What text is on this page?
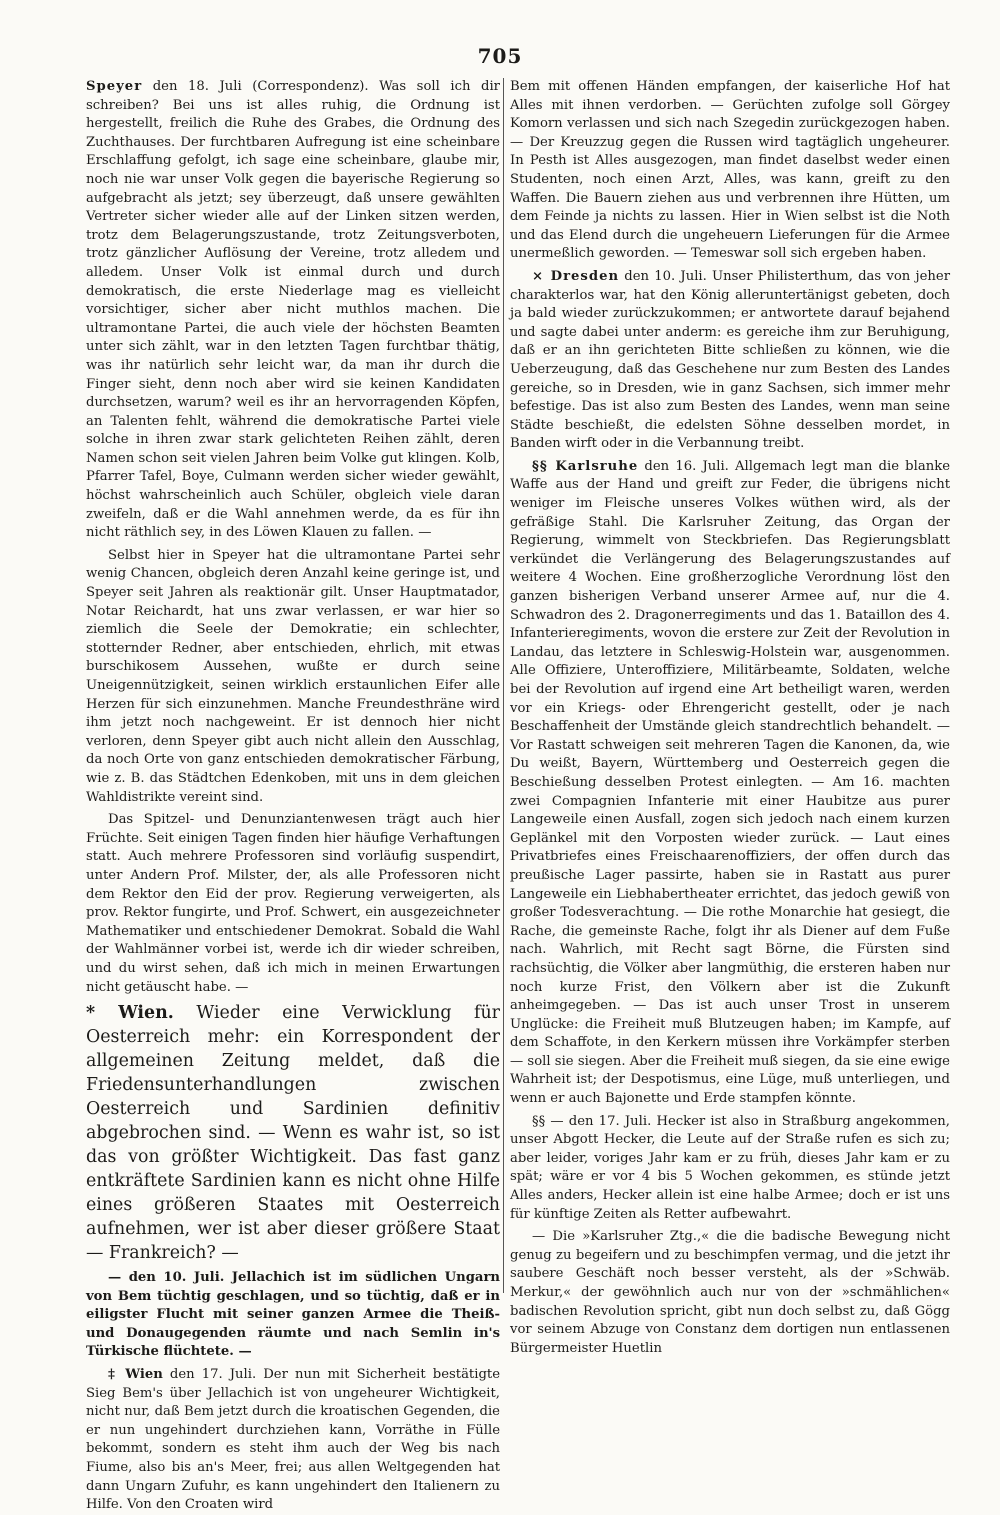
705

Speyer den 18. Juli (Correspondenz). Was soll ich dir schreiben? Bei uns ist alles ruhig, die Ordnung ist hergestellt, freilich die Ruhe des Grabes, die Ordnung des Zuchthauses. Der furchtbaren Aufregung ist eine scheinbare Erschlaffung gefolgt, ich sage eine scheinbare, glaube mir, noch nie war unser Volk gegen die bayerische Regierung so aufgebracht als jetzt; sey überzeugt, daß unsere gewählten Vertreter sicher wieder alle auf der Linken sitzen werden, trotz dem Belagerungszustande, trotz Zeitungsverboten, trotz gänzlicher Auflösung der Vereine, trotz alledem und alledem. Unser Volk ist einmal durch und durch demokratisch, die erste Niederlage mag es vielleicht vorsichtiger, sicher aber nicht muthlos machen. Die ultramontane Partei, die auch viele der höchsten Beamten unter sich zählt, war in den letzten Tagen furchtbar thätig, was ihr natürlich sehr leicht war, da man ihr durch die Finger sieht, denn noch aber wird sie keinen Kandidaten durchsetzen, warum? weil es ihr an hervorragenden Köpfen, an Talenten fehlt, während die demokratische Partei viele solche in ihren zwar stark gelichteten Reihen zählt, deren Namen schon seit vielen Jahren beim Volke gut klingen. Kolb, Pfarrer Tafel, Boye, Culmann werden sicher wieder gewählt, höchst wahrscheinlich auch Schüler, obgleich viele daran zweifeln, daß er die Wahl annehmen werde, da es für ihn nicht räthlich sey, in des Löwen Klauen zu fallen. —

Selbst hier in Speyer hat die ultramontane Partei sehr wenig Chancen, obgleich deren Anzahl keine geringe ist, und Speyer seit Jahren als reaktionär gilt. Unser Hauptmatador, Notar Reichardt, hat uns zwar verlassen, er war hier so ziemlich die Seele der Demokratie; ein schlechter, stotternder Redner, aber entschieden, ehrlich, mit etwas burschikosem Aussehen, wußte er durch seine Uneigennützigkeit, seinen wirklich erstaunlichen Eifer alle Herzen für sich einzunehmen. Manche Freundesthräne wird ihm jetzt noch nachgeweint. Er ist dennoch hier nicht verloren, denn Speyer gibt auch nicht allein den Ausschlag, da noch Orte von ganz entschieden demokratischer Färbung, wie z. B. das Städtchen Edenkoben, mit uns in dem gleichen Wahldistrikte vereint sind.

Das Spitzel- und Denunziantenwesen trägt auch hier Früchte. Seit einigen Tagen finden hier häufige Verhaftungen statt. Auch mehrere Professoren sind vorläufig suspendirt, unter Andern Prof. Milster, der, als alle Professoren nicht dem Rektor den Eid der prov. Regierung verweigerten, als prov. Rektor fungirte, und Prof. Schwert, ein ausgezeichneter Mathematiker und entschiedener Demokrat. Sobald die Wahl der Wahlmänner vorbei ist, werde ich dir wieder schreiben, und du wirst sehen, daß ich mich in meinen Erwartungen nicht getäuscht habe. —

* Wien. Wieder eine Verwicklung für Oesterreich mehr: ein Korrespondent der allgemeinen Zeitung meldet, daß die Friedensunterhandlungen zwischen Oesterreich und Sardinien definitiv abgebrochen sind. — Wenn es wahr ist, so ist das von größter Wichtigkeit. Das fast ganz entkräftete Sardinien kann es nicht ohne Hilfe eines größeren Staates mit Oesterreich aufnehmen, wer ist aber dieser größere Staat — Frankreich? —

— den 10. Juli. Jellachich ist im südlichen Ungarn von Bem tüchtig geschlagen, und so tüchtig, daß er in eiligster Flucht mit seiner ganzen Armee die Theiß- und Donaugegenden räumte und nach Semlin in's Türkische flüchtete. —

‡ Wien den 17. Juli. Der nun mit Sicherheit bestätigte Sieg Bem's über Jellachich ist von ungeheurer Wichtigkeit, nicht nur, daß Bem jetzt durch die kroatischen Gegenden, die er nun ungehindert durchziehen kann, Vorräthe in Fülle bekommt, sondern es steht ihm auch der Weg bis nach Fiume, also bis an's Meer, frei; aus allen Weltgegenden hat dann Ungarn Zufuhr, es kann ungehindert den Italienern zu Hilfe. Von den Croaten wird

Bem mit offenen Händen empfangen, der kaiserliche Hof hat Alles mit ihnen verdorben. — Gerüchten zufolge soll Görgey Komorn verlassen und sich nach Szegedin zurückgezogen haben. — Der Kreuzzug gegen die Russen wird tagtäglich ungeheurer. In Pesth ist Alles ausgezogen, man findet daselbst weder einen Studenten, noch einen Arzt, Alles, was kann, greift zu den Waffen. Die Bauern ziehen aus und verbrennen ihre Hütten, um dem Feinde ja nichts zu lassen. Hier in Wien selbst ist die Noth und das Elend durch die ungeheuern Lieferungen für die Armee unermeßlich geworden. — Temeswar soll sich ergeben haben.

× Dresden den 10. Juli. Unser Philisterthum, das von jeher charakterlos war, hat den König alleruntertänigst gebeten, doch ja bald wieder zurückzukommen; er antwortete darauf bejahend und sagte dabei unter anderm: es gereiche ihm zur Beruhigung, daß er an ihn gerichteten Bitte schließen zu können, wie die Ueberzeugung, daß das Geschehene nur zum Besten des Landes gereiche, so in Dresden, wie in ganz Sachsen, sich immer mehr befestige. Das ist also zum Besten des Landes, wenn man seine Städte beschießt, die edelsten Söhne desselben mordet, in Banden wirft oder in die Verbannung treibt.

§§ Karlsruhe den 16. Juli. Allgemach legt man die blanke Waffe aus der Hand und greift zur Feder, die übrigens nicht weniger im Fleische unseres Volkes wüthen wird, als der gefräßige Stahl. Die Karlsruher Zeitung, das Organ der Regierung, wimmelt von Steckbriefen. Das Regierungsblatt verkündet die Verlängerung des Belagerungszustandes auf weitere 4 Wochen. Eine großherzogliche Verordnung löst den ganzen bisherigen Verband unserer Armee auf, nur die 4. Schwadron des 2. Dragonerregiments und das 1. Bataillon des 4. Infanterieregiments, wovon die erstere zur Zeit der Revolution in Landau, das letztere in Schleswig-Holstein war, ausgenommen. Alle Offiziere, Unteroffiziere, Militärbeamte, Soldaten, welche bei der Revolution auf irgend eine Art betheiligt waren, werden vor ein Kriegs- oder Ehrengericht gestellt, oder je nach Beschaffenheit der Umstände gleich standrechtlich behandelt. — Vor Rastatt schweigen seit mehreren Tagen die Kanonen, da, wie Du weißt, Bayern, Württemberg und Oesterreich gegen die Beschießung desselben Protest einlegten. — Am 16. machten zwei Compagnien Infanterie mit einer Haubitze aus purer Langeweile einen Ausfall, zogen sich jedoch nach einem kurzen Geplänkel mit den Vorposten wieder zurück. — Laut eines Privatbriefes eines Freischaarenoffiziers, der offen durch das preußische Lager passirte, haben sie in Rastatt aus purer Langeweile ein Liebhabertheater errichtet, das jedoch gewiß von großer Todesverachtung. — Die rothe Monarchie hat gesiegt, die Rache, die gemeinste Rache, folgt ihr als Diener auf dem Fuße nach. Wahrlich, mit Recht sagt Börne, die Fürsten sind rachsüchtig, die Völker aber langmüthig, die ersteren haben nur noch kurze Frist, den Völkern aber ist die Zukunft anheimgegeben. — Das ist auch unser Trost in unserem Unglücke: die Freiheit muß Blutzeugen haben; im Kampfe, auf dem Schaffote, in den Kerkern müssen ihre Vorkämpfer sterben — soll sie siegen. Aber die Freiheit muß siegen, da sie eine ewige Wahrheit ist; der Despotismus, eine Lüge, muß unterliegen, und wenn er auch Bajonette und Erde stampfen könnte.

§§ — den 17. Juli. Hecker ist also in Straßburg angekommen, unser Abgott Hecker, die Leute auf der Straße rufen es sich zu; aber leider, voriges Jahr kam er zu früh, dieses Jahr kam er zu spät; wäre er vor 4 bis 5 Wochen gekommen, es stünde jetzt Alles anders, Hecker allein ist eine halbe Armee; doch er ist uns für künftige Zeiten als Retter aufbewahrt.

— Die »Karlsruher Ztg.,« die die badische Bewegung nicht genug zu begeifern und zu beschimpfen vermag, und die jetzt ihr saubere Geschäft noch besser versteht, als der »Schwäb. Merkur,« der gewöhnlich auch nur von der »schmählichen« badischen Revolution spricht, gibt nun doch selbst zu, daß Gögg vor seinem Abzuge von Constanz dem dortigen nun entlassenen Bürgermeister Huetlin
